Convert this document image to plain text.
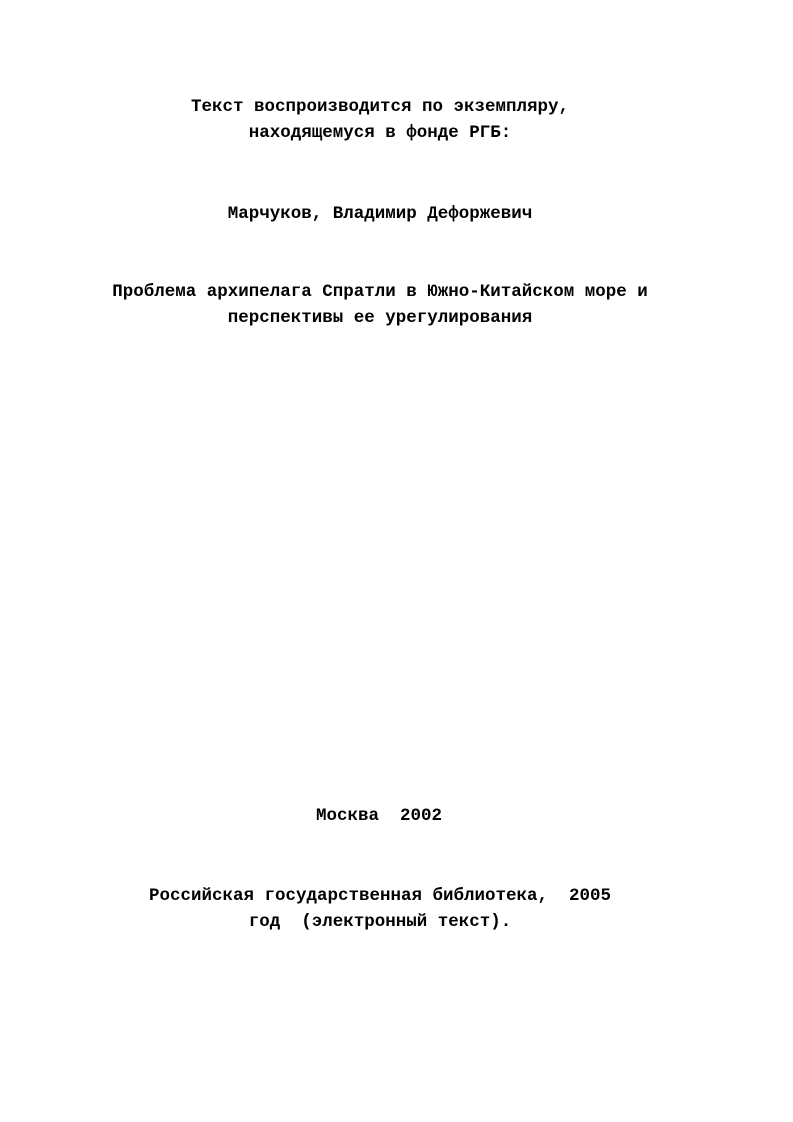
Текст воспроизводится по экземпляру,
находящемуся в фонде РГБ:
Марчуков, Владимир Дефоржевич
Проблема архипелага Спратли в Южно-Китайском море и
перспективы ее урегулирования
Москва  2002
Российская государственная библиотека,  2005
год  (электронный текст).
